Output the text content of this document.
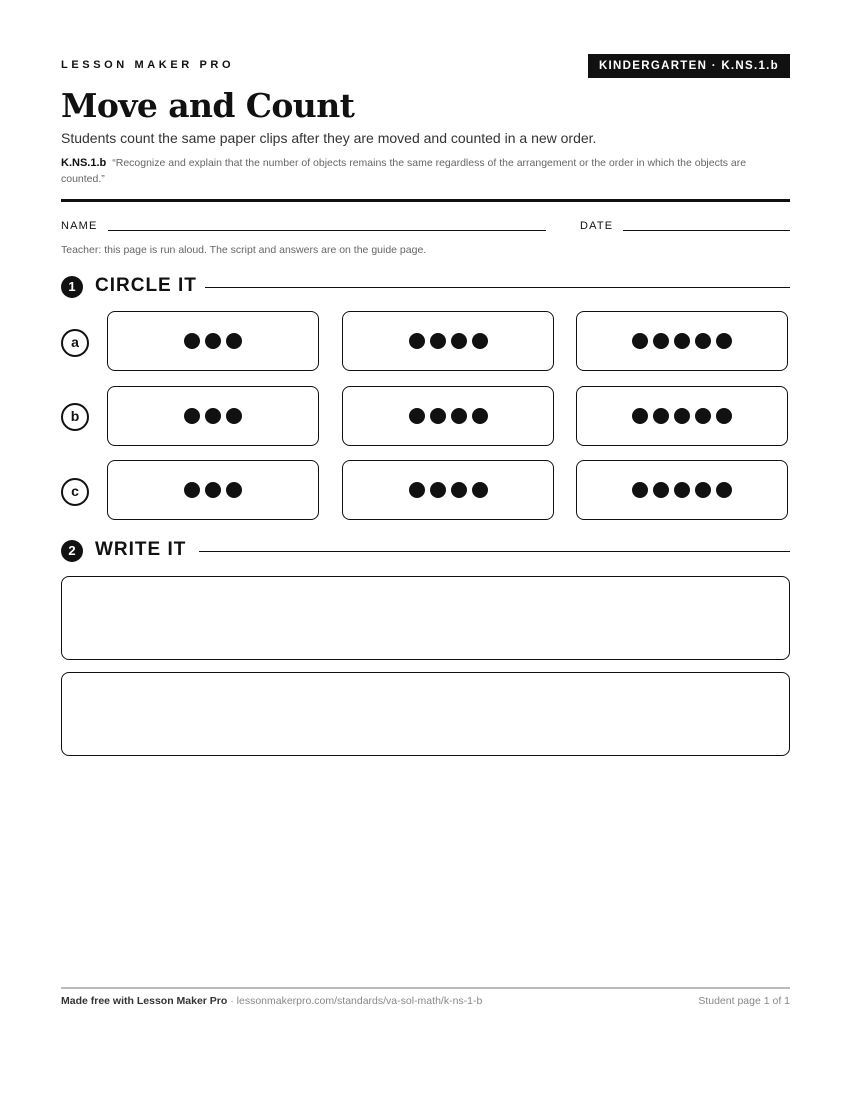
LESSON MAKER PRO	KINDERGARTEN · K.NS.1.b
Move and Count
Students count the same paper clips after they are moved and counted in a new order.
K.NS.1.b “Recognize and explain that the number of objects remains the same regardless of the arrangement or the order in which the objects are counted.”
NAME	DATE
Teacher: this page is run aloud. The script and answers are on the guide page.
1	CIRCLE IT
a
b
c
2	WRITE IT
Made free with Lesson Maker Pro · lessonmakerpro.com/standards/va-sol-math/k-ns-1-b	Student page 1 of 1
